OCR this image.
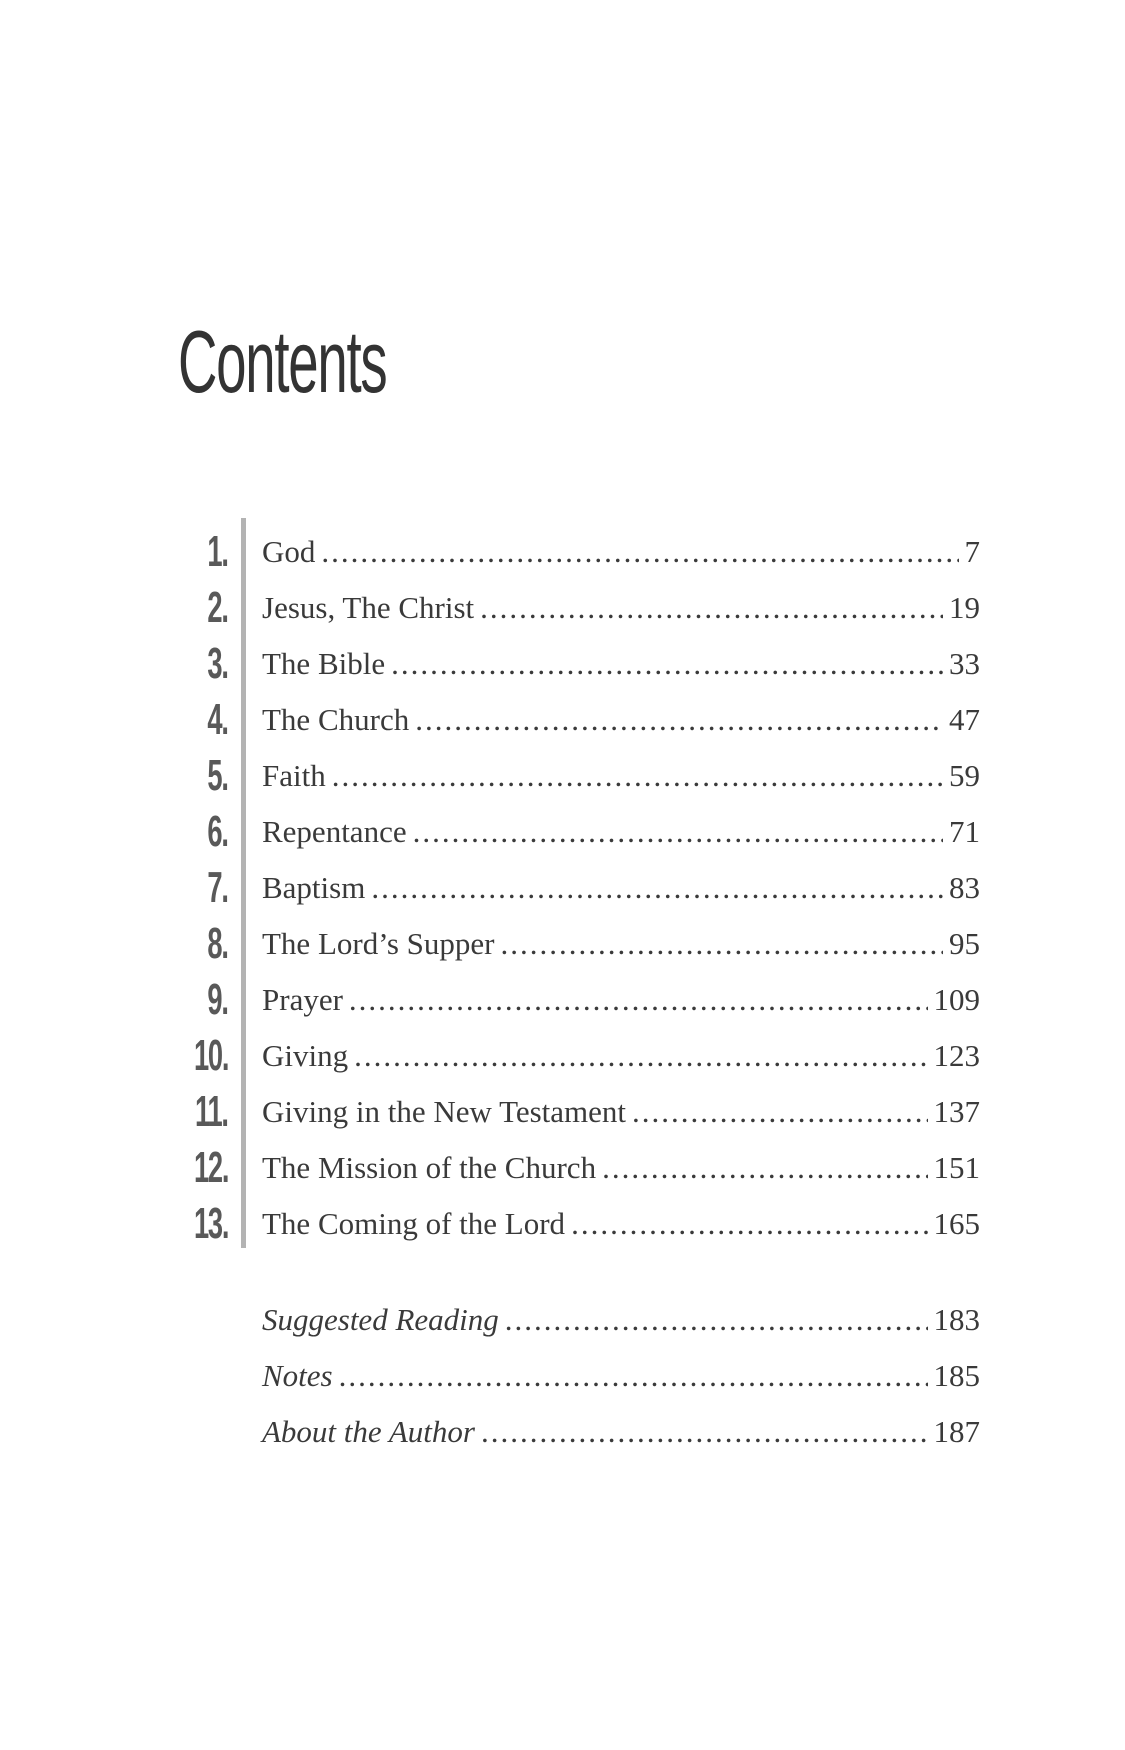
Contents
1. God .....	7
2. Jesus, The Christ .....	19
3. The Bible .....	33
4. The Church .....	47
5. Faith .....	59
6. Repentance .....	71
7. Baptism .....	83
8. The Lord’s Supper .....	95
9. Prayer .....	109
10. Giving .....	123
11. Giving in the New Testament .....	137
12. The Mission of the Church .....	151
13. The Coming of the Lord .....	165
Suggested Reading .....	183
Notes .....	185
About the Author .....	187
